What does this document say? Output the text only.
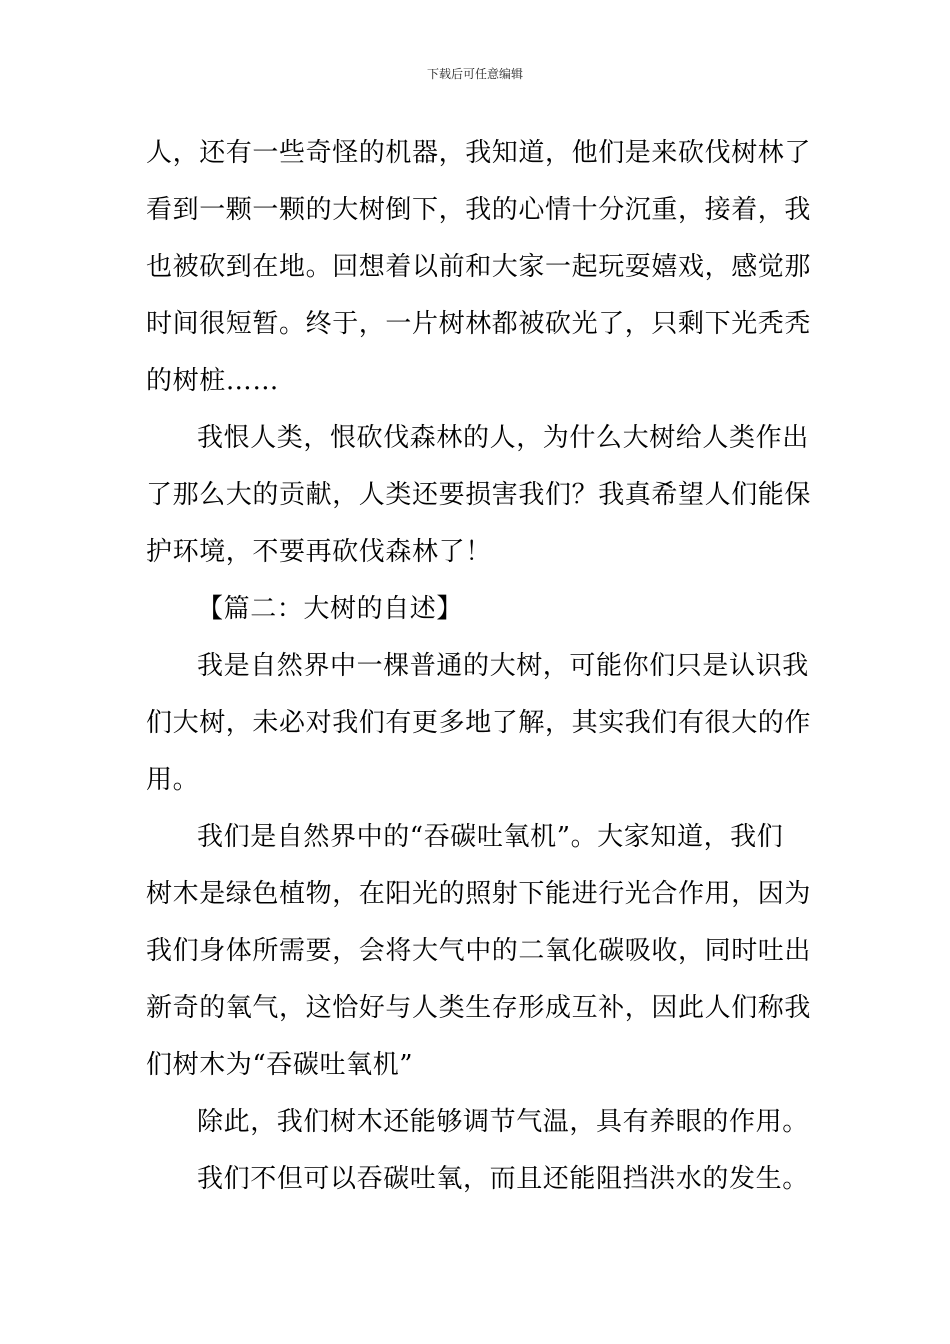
下载后可任意编辑
人，还有一些奇怪的机器，我知道，他们是来砍伐树林了
看到一颗一颗的大树倒下，我的心情十分沉重，接着，我
也被砍到在地。回想着以前和大家一起玩耍嬉戏，感觉那
时间很短暂。终于，一片树林都被砍光了，只剩下光秃秃
的树桩……
我恨人类，恨砍伐森林的人，为什么大树给人类作出
了那么大的贡献，人类还要损害我们？我真希望人们能保
护环境，不要再砍伐森林了！
【篇二：大树的自述】
我是自然界中一棵普通的大树，可能你们只是认识我
们大树，未必对我们有更多地了解，其实我们有很大的作
用。
我们是自然界中的“吞碳吐氧机”。大家知道，我们
树木是绿色植物，在阳光的照射下能进行光合作用，因为
我们身体所需要，会将大气中的二氧化碳吸收，同时吐出
新奇的氧气，这恰好与人类生存形成互补，因此人们称我
们树木为“吞碳吐氧机”
除此，我们树木还能够调节气温，具有养眼的作用。
我们不但可以吞碳吐氧，而且还能阻挡洪水的发生。
